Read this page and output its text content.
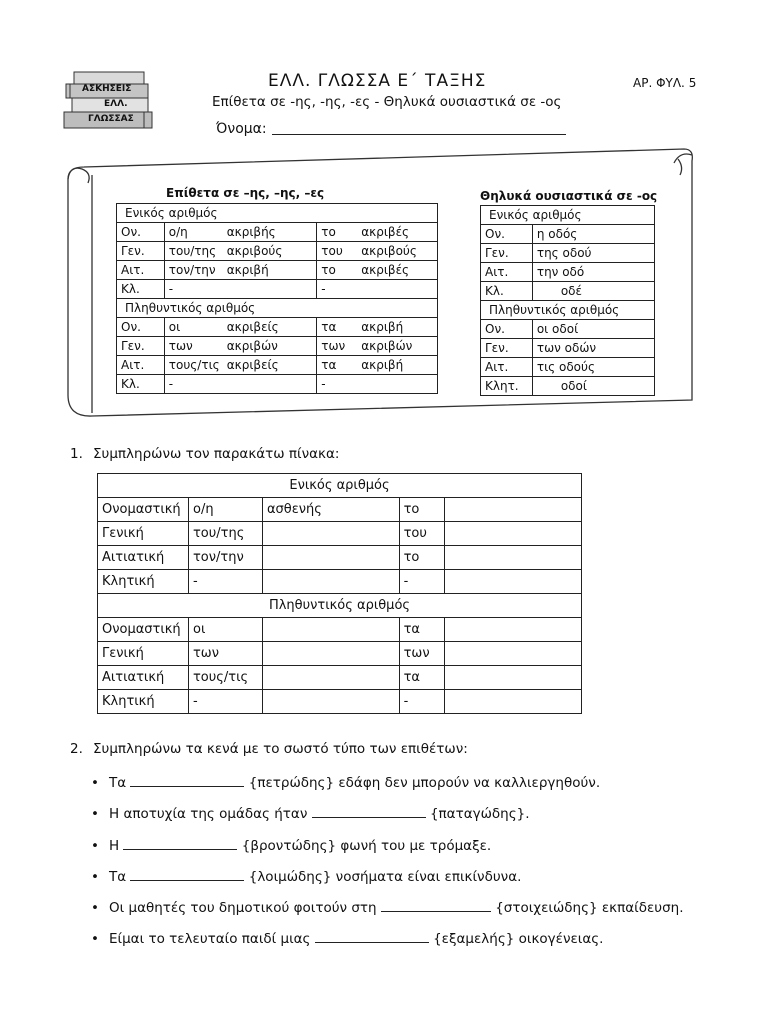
ΑΣΚΗΣΕΙΣ
ΕΛΛ.
ΓΛΩΣΣΑΣ
ΕΛΛ. ΓΛΩΣΣΑ Ε΄ ΤΑΞΗΣ	ΑΡ. ΦΥΛ. 5
Επίθετα σε -ης, -ης, -ες - Θηλυκά ουσιαστικά σε -ος
Όνομα:
Επίθετα σε –ης, –ης, –ες
Ενικός αριθμός		
Ον.	ο/η ακριβής	το ακριβές
Γεν.	του/της ακριβούς	του ακριβούς
Αιτ.	τον/την ακριβή	το ακριβές
Κλ.	-	-
Πληθυντικός αριθμός		
Ον.	οι ακριβείς	τα ακριβή
Γεν.	των ακριβών	των ακριβών
Αιτ.	τους/τις ακριβείς	τα ακριβή
Κλ.	-	-
Θηλυκά ουσιαστικά σε -ος
Ενικός αριθμός	
Ον.	η οδός
Γεν.	της οδού
Αιτ.	την οδό
Κλ.	οδέ
Πληθυντικός αριθμός	
Ον.	οι οδοί
Γεν.	των οδών
Αιτ.	τις οδούς
Κλητ.	οδοί
1. Συμπληρώνω τον παρακάτω πίνακα:
Ενικός αριθμός				
Ονομαστική	ο/η	ασθενής	το	
Γενική	του/της		του	
Αιτιατική	τον/την		το	
Κλητική	-		-	
Πληθυντικός αριθμός				
Ονομαστική	οι		τα	
Γενική	των		των	
Αιτιατική	τους/τις		τα	
Κλητική	-		-	
2. Συμπληρώνω τα κενά με το σωστό τύπο των επιθέτων:
• Τα	{πετρώδης} εδάφη δεν μπορούν να καλλιεργηθούν.
• Η αποτυχία της ομάδας ήταν	{παταγώδης}.
• Η	{βροντώδης} φωνή του με τρόμαξε.
• Τα	{λοιμώδης} νοσήματα είναι επικίνδυνα.
• Οι μαθητές του δημοτικού φοιτούν στη	{στοιχειώδης} εκπαίδευση.
• Είμαι το τελευταίο παιδί μιας	{εξαμελής} οικογένειας.
